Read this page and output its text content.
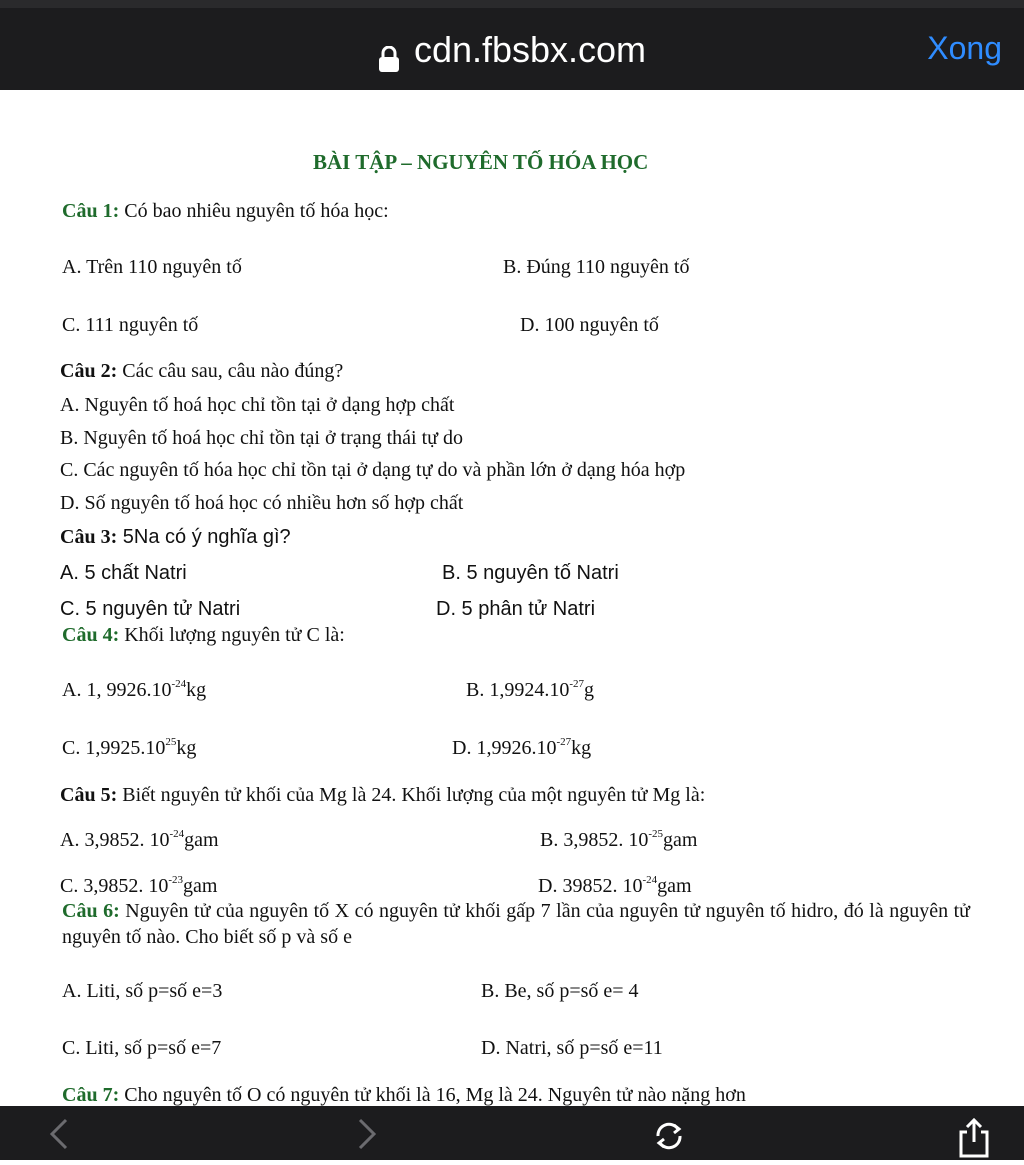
cdn.fbsbx.com	Xong
BÀI TẬP – NGUYÊN TỐ HÓA HỌC
Câu 1: Có bao nhiêu nguyên tố hóa học:
A. Trên 110 nguyên tố	B. Đúng 110 nguyên tố
C. 111 nguyên tố	D. 100 nguyên tố
Câu 2: Các câu sau, câu nào đúng?
A. Nguyên tố hoá học chỉ tồn tại ở dạng hợp chất
B. Nguyên tố hoá học chỉ tồn tại ở trạng thái tự do
C. Các nguyên tố hóa học chỉ tồn tại ở dạng tự do và phần lớn ở dạng hóa hợp
D. Số nguyên tố hoá học có nhiều hơn số hợp chất
Câu 3: 5Na có ý nghĩa gì?
A. 5 chất Natri	B. 5 nguyên tố Natri
C. 5 nguyên tử Natri	D. 5 phân tử Natri
Câu 4: Khối lượng nguyên tử C là:
A. 1, $9926.10^{-24}kg$	B. $1,9924.10^{-27}g$
C. 1,9925.10$^{25}$kg	D. $1,9926.10^{-27}kg$
Câu 5: Biết nguyên tử khối của Mg là 24. Khối lượng của một nguyên tử Mg là:
A. 3,9852. $10^{-24}gam$	B. 3,9852. $10^{-25}gam$
C. 3,9852. $10^{-23}gam$	D. 39852. $10^{-24}gam$
Câu 6: Nguyên tử của nguyên tố X có nguyên tử khối gấp 7 lần của nguyên tử nguyên tố hidro, đó là nguyên tử nguyên tố nào. Cho biết số p và số e
A. Liti, số p=số e=3	B. Be, số p=số e= 4
C. Liti, số p=số e=7	D. Natri, số p=số e=11
Câu 7: Cho nguyên tố O có nguyên tử khối là 16, Mg là 24. Nguyên tử nào nặng hơn
